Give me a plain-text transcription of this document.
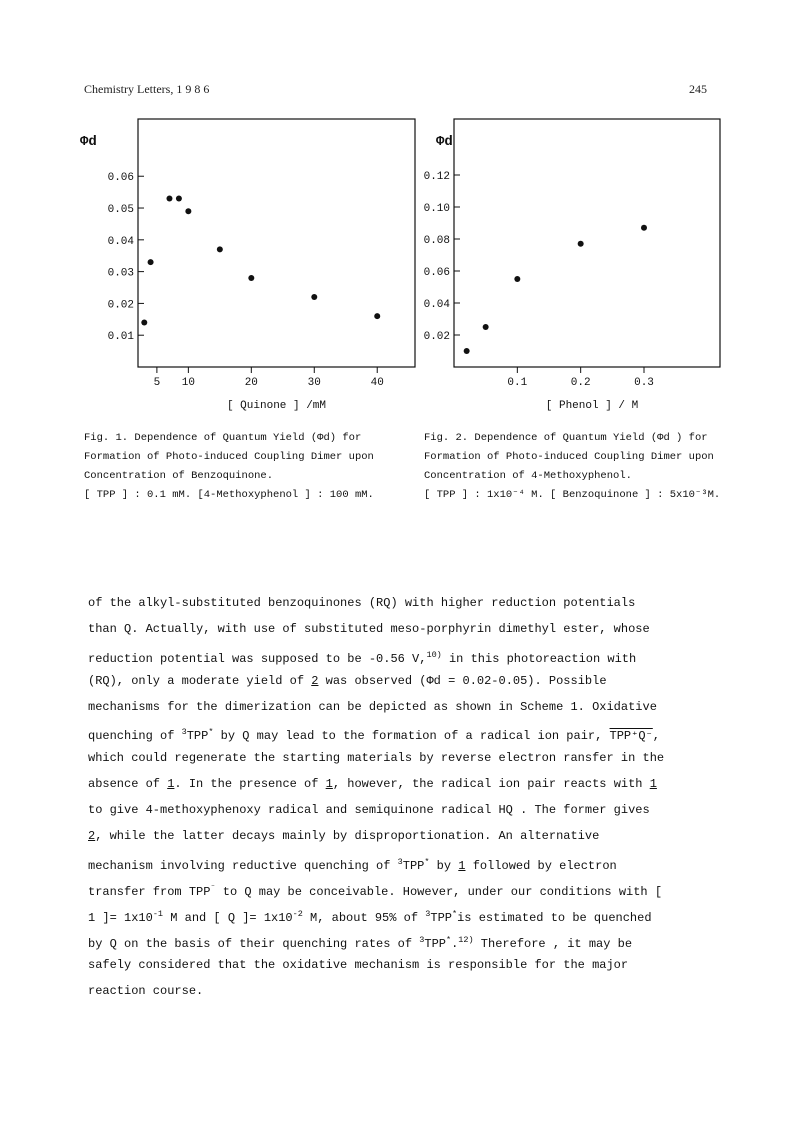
Chemistry Letters, 1 9 8 6	245
0.01
0.02
0.03
0.04
0.05
0.06
5 10	20	30	40
Φd
[ Quinone ] /mM
0.02
0.04
0.06
0.08
0.10
0.12
0.1	0.2	0.3
Φd
[ Phenol ] / M
Fig. 1. Dependence of Quantum Yield (Φd) for
Formation of Photo-induced Coupling Dimer upon
Concentration of Benzoquinone.
[ TPP ] : 0.1 mM. [4-Methoxyphenol ] : 100 mM.
Fig. 2. Dependence of Quantum Yield (Φd ) for
Formation of Photo-induced Coupling Dimer upon
Concentration of 4-Methoxyphenol.
[ TPP ] : 1x10⁻⁴ M. [ Benzoquinone ] : 5x10⁻³M.
of the alkyl-substituted benzoquinones (RQ) with higher reduction potentials
than Q. Actually, with use of substituted meso-porphyrin dimethyl ester, whose
reduction potential was supposed to be -0.56 V,$^{10)}$ in this photoreaction with
(RQ), only a moderate yield of 2 was observed (Φd = 0.02-0.05). Possible
mechanisms for the dimerization can be depicted as shown in Scheme 1. Oxidative
quenching of $^3$TPP* by Q may lead to the formation of a radical ion pair, TPP⁺Q⁻,
which could regenerate the starting materials by reverse electron ransfer in the
absence of 1. In the presence of 1, however, the radical ion pair reacts with 1
to give 4-methoxyphenoxy radical and semiquinone radical HQ . The former gives
2, while the latter decays mainly by disproportionation. An alternative
mechanism involving reductive quenching of $^3$TPP* by 1 followed by electron
transfer from TPP⁻ to Q may be conceivable. However, under our conditions with [
1 ]= $1x10^{-1}$ M and [ Q ]= $1x10^{-2}$ M, about 95% of $^3$TPP*is estimated to be quenched
by Q on the basis of their quenching rates of $^3$TPP*.$^{12)}$ Therefore , it may be
safely considered that the oxidative mechanism is responsible for the major
reaction course.
